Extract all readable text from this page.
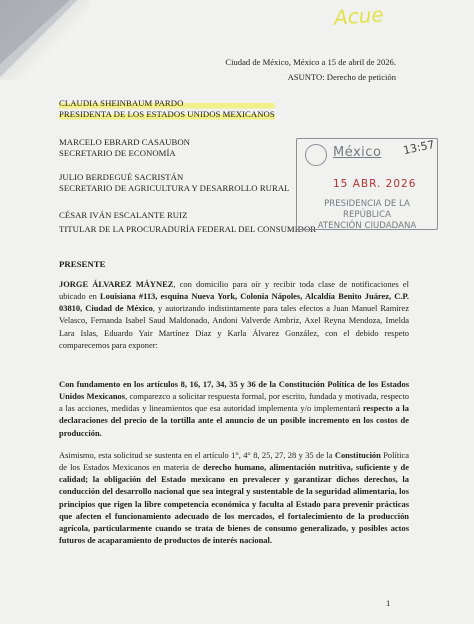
Acue
Ciudad de México, México a 15 de abril de 2026.
ASUNTO: Derecho de petición
CLAUDIA SHEINBAUM PARDO
PRESIDENTA DE LOS ESTADOS UNIDOS MEXICANOS
MARCELO EBRARD CASAUBON
SECRETARIO DE ECONOMÍA
JULIO BERDEGUÉ SACRISTÁN
SECRETARIO DE AGRICULTURA Y DESARROLLO RURAL
CÉSAR IVÁN ESCALANTE RUIZ
TITULAR DE LA PROCURADURÍA FEDERAL DEL CONSUMIDOR
México 13:57
15 ABR. 2026
PRESIDENCIA DE LA REPÚBLICA
ATENCIÓN CIUDADANA
PRESENTE
JORGE ÁLVAREZ MÁYNEZ, con domicilio para oír y recibir toda clase de notificaciones el ubicado en Louisiana #113, esquina Nueva York, Colonia Nápoles, Alcaldía Benito Juárez, C.P. 03810, Ciudad de México, y autorizando indistintamente para tales efectos a Juan Manuel Ramírez Velasco, Fernanda Isabel Saud Maldonado, Andoni Valverde Ambriz, Axel Reyna Mendoza, Imelda Lara Islas, Eduardo Yair Martínez Díaz y Karla Álvarez González, con el debido respeto comparecemos para exponer:
Con fundamento en los artículos 8, 16, 17, 34, 35 y 36 de la Constitución Política de los Estados Unidos Mexicanos, comparezco a solicitar respuesta formal, por escrito, fundada y motivada, respecto a las acciones, medidas y lineamientos que esa autoridad implementa y/o implementará respecto a la declaraciones del precio de la tortilla ante el anuncio de un posible incremento en los costos de producción.
Asimismo, esta solicitud se sustenta en el artículo 1°, 4° 8, 25, 27, 28 y 35 de la Constitución Política de los Estados Mexicanos en materia de derecho humano, alimentación nutritiva, suficiente y de calidad; la obligación del Estado mexicano en prevalecer y garantizar dichos derechos, la conducción del desarrollo nacional que sea integral y sustentable de la seguridad alimentaria, los principios que rigen la libre competencia económica y faculta al Estado para prevenir prácticas que afecten el funcionamiento adecuado de los mercados, el fortalecimiento de la producción agrícola, particularmente cuando se trata de bienes de consumo generalizado, y posibles actos futuros de acaparamiento de productos de interés nacional.
1
